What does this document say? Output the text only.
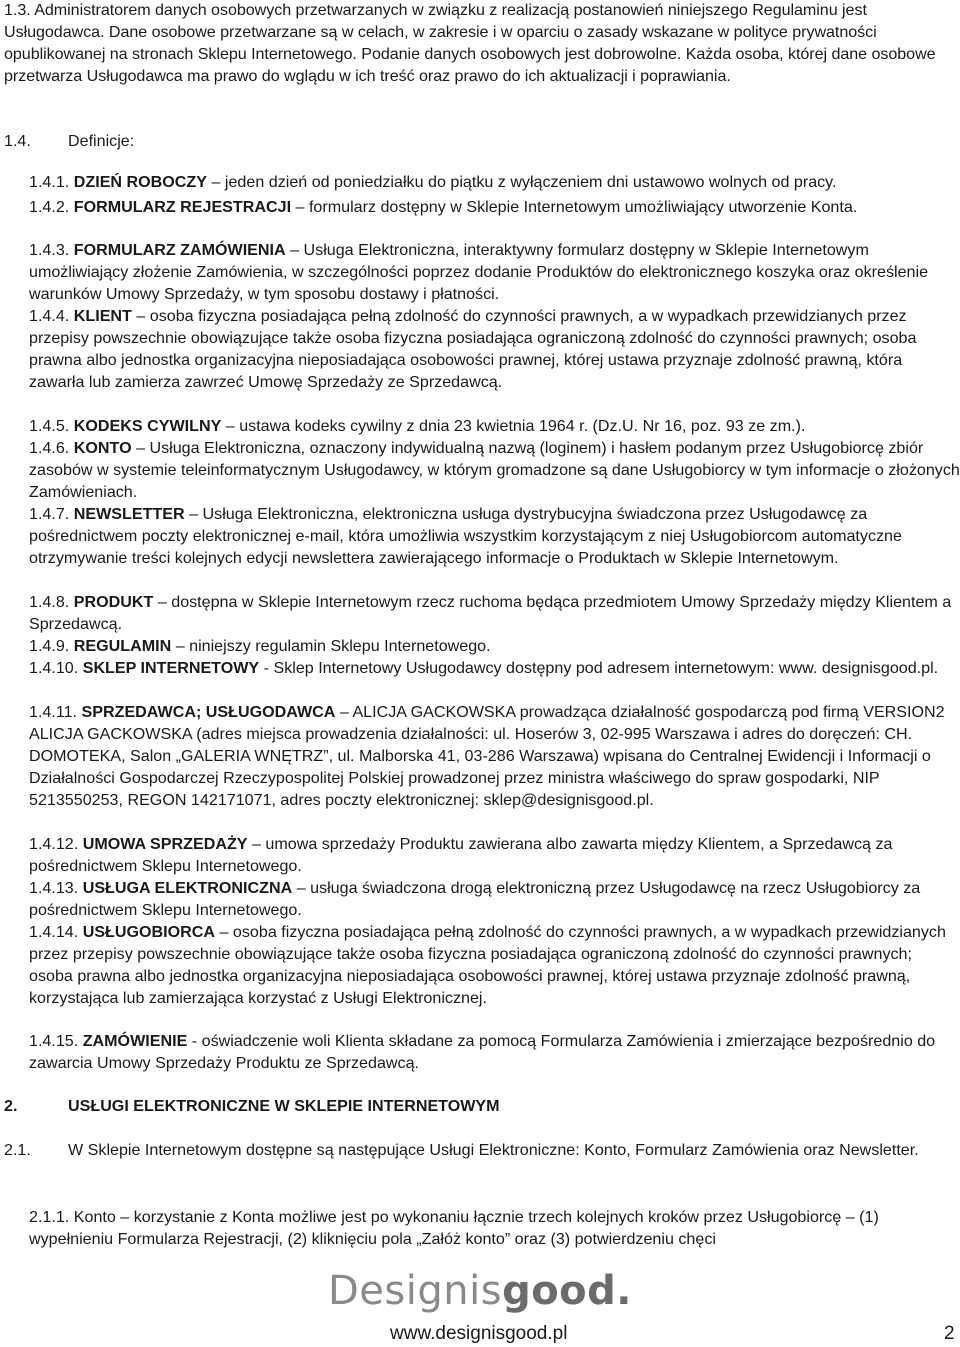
1.3. Administratorem danych osobowych przetwarzanych w związku z realizacją postanowień niniejszego Regulaminu jest Usługodawca. Dane osobowe przetwarzane są w celach, w zakresie i w oparciu o zasady wskazane w polityce prywatności opublikowanej na stronach Sklepu Internetowego. Podanie danych osobowych jest dobrowolne. Każda osoba, której dane osobowe przetwarza Usługodawca ma prawo do wglądu w ich treść oraz prawo do ich aktualizacji i poprawiania.

1.4. Definicje:

1.4.1. DZIEŃ ROBOCZY – jeden dzień od poniedziałku do piątku z wyłączeniem dni ustawowo wolnych od pracy.

1.4.2. FORMULARZ REJESTRACJI – formularz dostępny w Sklepie Internetowym umożliwiający utworzenie Konta.

1.4.3. FORMULARZ ZAMÓWIENIA – Usługa Elektroniczna, interaktywny formularz dostępny w Sklepie Internetowym umożliwiający złożenie Zamówienia, w szczególności poprzez dodanie Produktów do elektronicznego koszyka oraz określenie warunków Umowy Sprzedaży, w tym sposobu dostawy i płatności.

1.4.4. KLIENT – osoba fizyczna posiadająca pełną zdolność do czynności prawnych, a w wypadkach przewidzianych przez przepisy powszechnie obowiązujące także osoba fizyczna posiadająca ograniczoną zdolność do czynności prawnych; osoba prawna albo jednostka organizacyjna nieposiadająca osobowości prawnej, której ustawa przyznaje zdolność prawną, która zawarła lub zamierza zawrzeć Umowę Sprzedaży ze Sprzedawcą.

1.4.5. KODEKS CYWILNY – ustawa kodeks cywilny z dnia 23 kwietnia 1964 r. (Dz.U. Nr 16, poz. 93 ze zm.).

1.4.6. KONTO – Usługa Elektroniczna, oznaczony indywidualną nazwą (loginem) i hasłem podanym przez Usługobiorcę zbiór zasobów w systemie teleinformatycznym Usługodawcy, w którym gromadzone są dane Usługobiorcy w tym informacje o złożonych Zamówieniach.

1.4.7. NEWSLETTER – Usługa Elektroniczna, elektroniczna usługa dystrybucyjna świadczona przez Usługodawcę za pośrednictwem poczty elektronicznej e-mail, która umożliwia wszystkim korzystającym z niej Usługobiorcom automatyczne otrzymywanie treści kolejnych edycji newslettera zawierającego informacje o Produktach w Sklepie Internetowym.

1.4.8. PRODUKT – dostępna w Sklepie Internetowym rzecz ruchoma będąca przedmiotem Umowy Sprzedaży między Klientem a Sprzedawcą.

1.4.9. REGULAMIN – niniejszy regulamin Sklepu Internetowego.

1.4.10. SKLEP INTERNETOWY - Sklep Internetowy Usługodawcy dostępny pod adresem internetowym: www. designisgood.pl.

1.4.11. SPRZEDAWCA; USŁUGODAWCA – ALICJA GACKOWSKA prowadząca działalność gospodarczą pod firmą VERSION2 ALICJA GACKOWSKA (adres miejsca prowadzenia działalności: ul. Hoserów 3, 02-995 Warszawa i adres do doręczeń: CH. DOMOTEKA, Salon „GALERIA WNĘTRZ”, ul. Malborska 41, 03-286 Warszawa) wpisana do Centralnej Ewidencji i Informacji o Działalności Gospodarczej Rzeczypospolitej Polskiej prowadzonej przez ministra właściwego do spraw gospodarki, NIP 5213550253, REGON 142171071, adres poczty elektronicznej: sklep@designisgood.pl.

1.4.12. UMOWA SPRZEDAŻY – umowa sprzedaży Produktu zawierana albo zawarta między Klientem, a Sprzedawcą za pośrednictwem Sklepu Internetowego.

1.4.13. USŁUGA ELEKTRONICZNA – usługa świadczona drogą elektroniczną przez Usługodawcę na rzecz Usługobiorcy za pośrednictwem Sklepu Internetowego.

1.4.14. USŁUGOBIORCA – osoba fizyczna posiadająca pełną zdolność do czynności prawnych, a w wypadkach przewidzianych przez przepisy powszechnie obowiązujące także osoba fizyczna posiadająca ograniczoną zdolność do czynności prawnych; osoba prawna albo jednostka organizacyjna nieposiadająca osobowości prawnej, której ustawa przyznaje zdolność prawną, korzystająca lub zamierzająca korzystać z Usługi Elektronicznej.

1.4.15. ZAMÓWIENIE - oświadczenie woli Klienta składane za pomocą Formularza Zamówienia i zmierzające bezpośrednio do zawarcia Umowy Sprzedaży Produktu ze Sprzedawcą.

2.	USŁUGI ELEKTRONICZNE W SKLEPIE INTERNETOWYM

2.1. W Sklepie Internetowym dostępne są następujące Usługi Elektroniczne: Konto, Formularz Zamówienia oraz Newsletter.

2.1.1. Konto – korzystanie z Konta możliwe jest po wykonaniu łącznie trzech kolejnych kroków przez Usługobiorcę – (1) wypełnieniu Formularza Rejestracji, (2) kliknięciu pola „Załóż konto” oraz (3) potwierdzeniu chęci

Designisgood.
www.designisgood.pl	2
